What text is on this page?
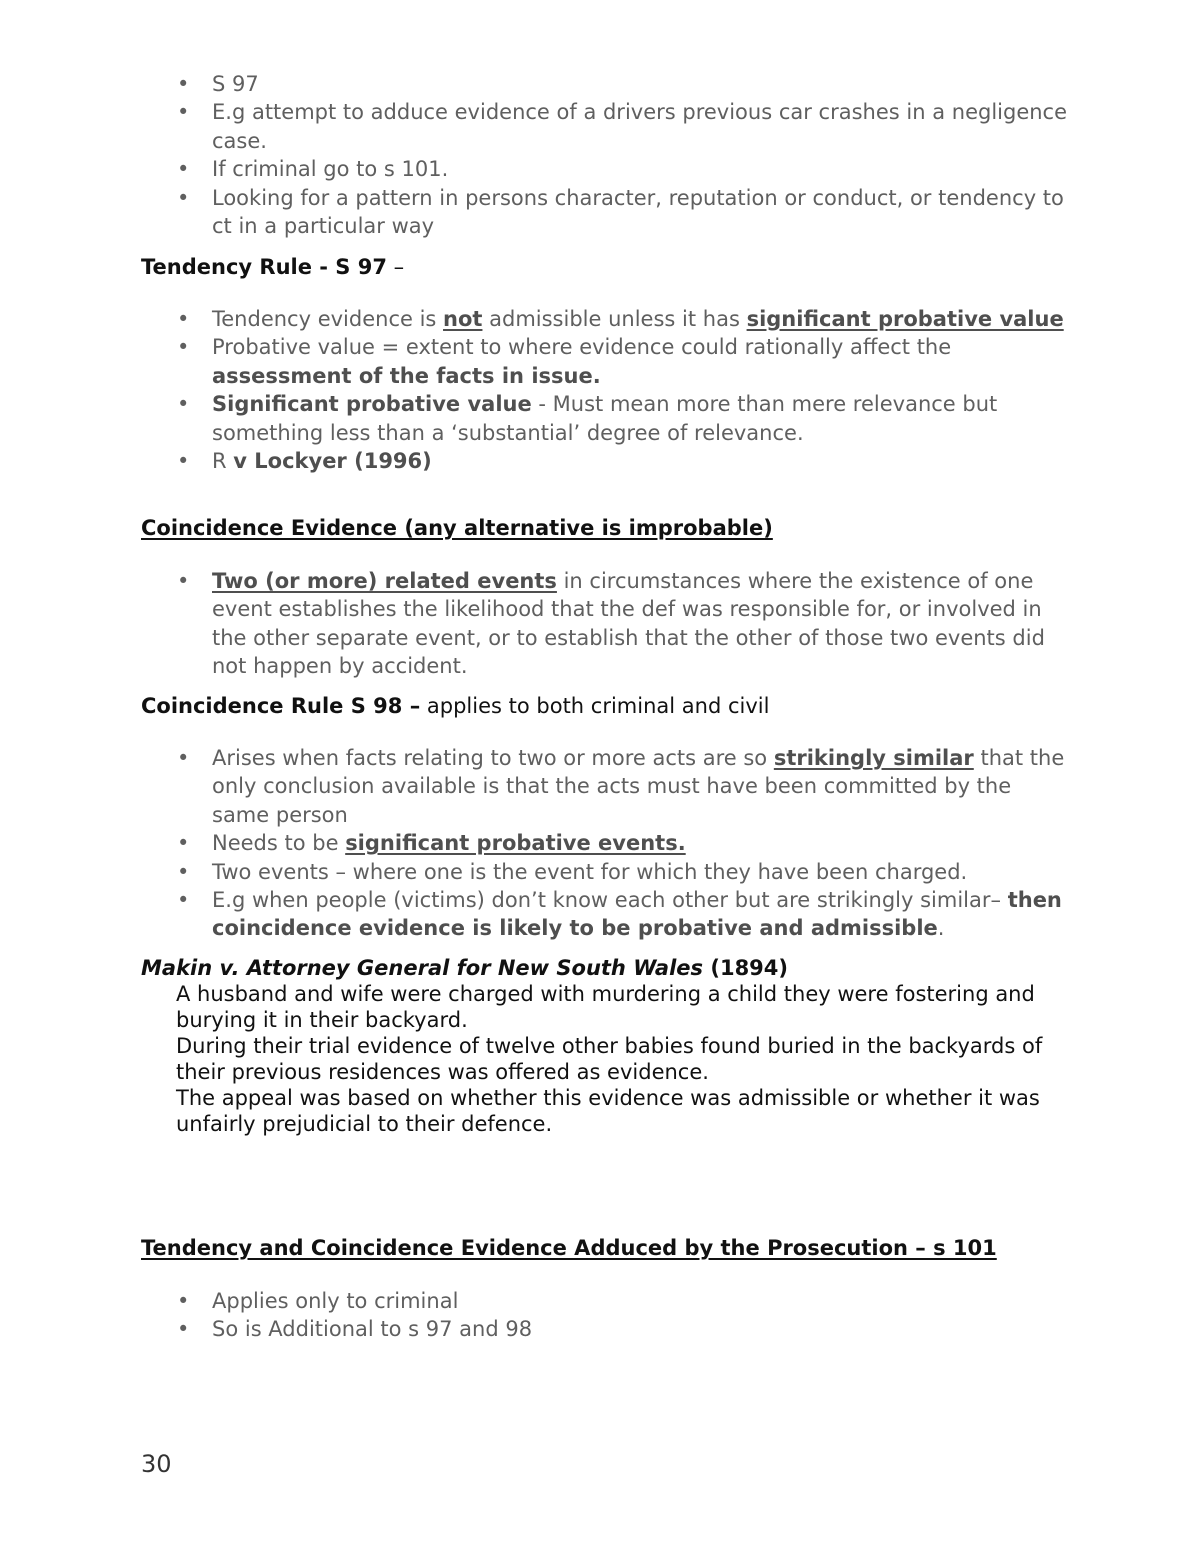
• S 97
• E.g attempt to adduce evidence of a drivers previous car crashes in a negligence case.
• If criminal go to s 101.
• Looking for a pattern in persons character, reputation or conduct, or tendency to ct in a particular way
Tendency Rule - S 97 –
• Tendency evidence is not admissible unless it has significant probative value
• Probative value = extent to where evidence could rationally affect the assessment of the facts in issue.
• Significant probative value - Must mean more than mere relevance but something less than a ‘substantial’ degree of relevance.
• R v Lockyer (1996)
Coincidence Evidence (any alternative is improbable)
• Two (or more) related events in circumstances where the existence of one event establishes the likelihood that the def was responsible for, or involved in the other separate event, or to establish that the other of those two events did not happen by accident.
Coincidence Rule S 98 – applies to both criminal and civil
• Arises when facts relating to two or more acts are so strikingly similar that the only conclusion available is that the acts must have been committed by the same person
• Needs to be significant probative events.
• Two events – where one is the event for which they have been charged.
• E.g when people (victims) don’t know each other but are strikingly similar– then coincidence evidence is likely to be probative and admissible.
Makin v. Attorney General for New South Wales (1894)

A husband and wife were charged with murdering a child they were fostering and burying it in their backyard.

During their trial evidence of twelve other babies found buried in the backyards of their previous residences was offered as evidence.

The appeal was based on whether this evidence was admissible or whether it was unfairly prejudicial to their defence.

Tendency and Coincidence Evidence Adduced by the Prosecution – s 101
• Applies only to criminal
• So is Additional to s 97 and 98
30
